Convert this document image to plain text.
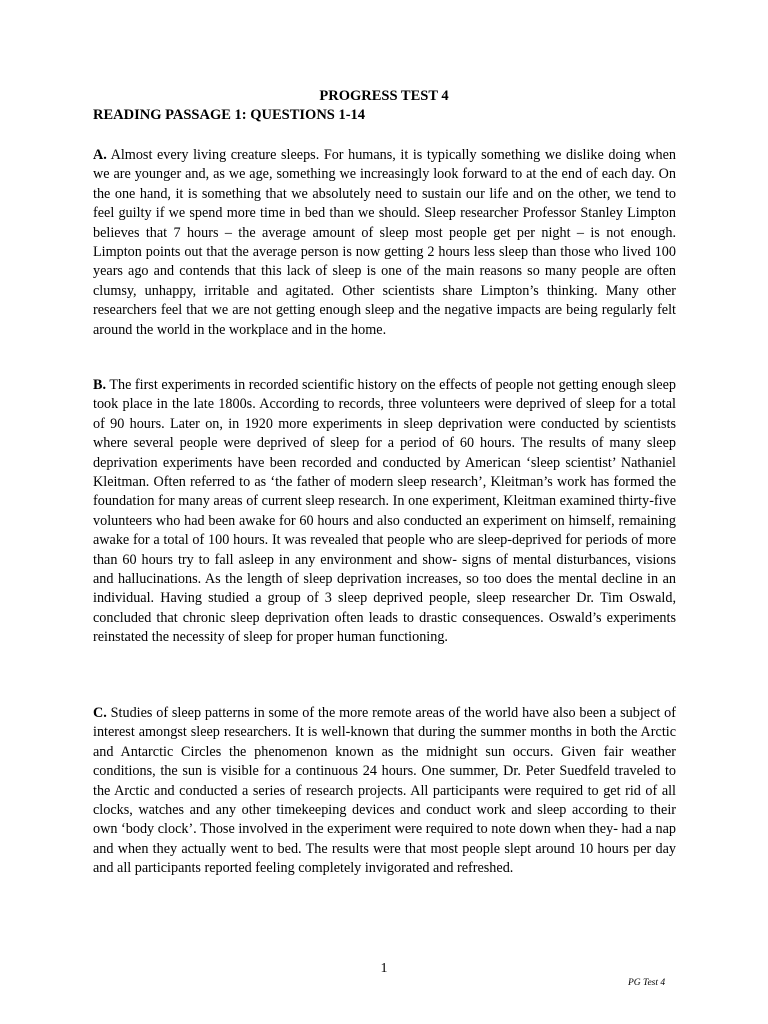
PROGRESS TEST 4
READING PASSAGE 1: QUESTIONS 1-14

A. Almost every living creature sleeps. For humans, it is typically something we dislike doing when we are younger and, as we age, something we increasingly look forward to at the end of each day. On the one hand, it is something that we absolutely need to sustain our life and on the other, we tend to feel guilty if we spend more time in bed than we should. Sleep researcher Professor Stanley Limpton believes that 7 hours – the average amount of sleep most people get per night – is not enough. Limpton points out that the average person is now getting 2 hours less sleep than those who lived 100 years ago and contends that this lack of sleep is one of the main reasons so many people are often clumsy, unhappy, irritable and agitated. Other scientists share Limpton’s thinking. Many other researchers feel that we are not getting enough sleep and the negative impacts are being regularly felt around the world in the workplace and in the home.

B. The first experiments in recorded scientific history on the effects of people not getting enough sleep took place in the late 1800s. According to records, three volunteers were deprived of sleep for a total of 90 hours. Later on, in 1920 more experiments in sleep deprivation were conducted by scientists where several people were deprived of sleep for a period of 60 hours. The results of many sleep deprivation experiments have been recorded and conducted by American ‘sleep scientist’ Nathaniel Kleitman. Often referred to as ‘the father of modern sleep research’, Kleitman’s work has formed the foundation for many areas of current sleep research. In one experiment, Kleitman examined thirty-five volunteers who had been awake for 60 hours and also conducted an experiment on himself, remaining awake for a total of 100 hours. It was revealed that people who are sleep-deprived for periods of more than 60 hours try to fall asleep in any environment and show- signs of mental disturbances, visions and hallucinations. As the length of sleep deprivation increases, so too does the mental decline in an individual. Having studied a group of 3 sleep deprived people, sleep researcher Dr. Tim Oswald, concluded that chronic sleep deprivation often leads to drastic consequences. Oswald’s experiments reinstated the necessity of sleep for proper human functioning.

C. Studies of sleep patterns in some of the more remote areas of the world have also been a subject of interest amongst sleep researchers. It is well-known that during the summer months in both the Arctic and Antarctic Circles the phenomenon known as the midnight sun occurs. Given fair weather conditions, the sun is visible for a continuous 24 hours. One summer, Dr. Peter Suedfeld traveled to the Arctic and conducted a series of research projects. All participants were required to get rid of all clocks, watches and any other timekeeping devices and conduct work and sleep according to their own ‘body clock’. Those involved in the experiment were required to note down when they- had a nap and when they actually went to bed. The results were that most people slept around 10 hours per day and all participants reported feeling completely invigorated and refreshed.

1
PG Test 4
